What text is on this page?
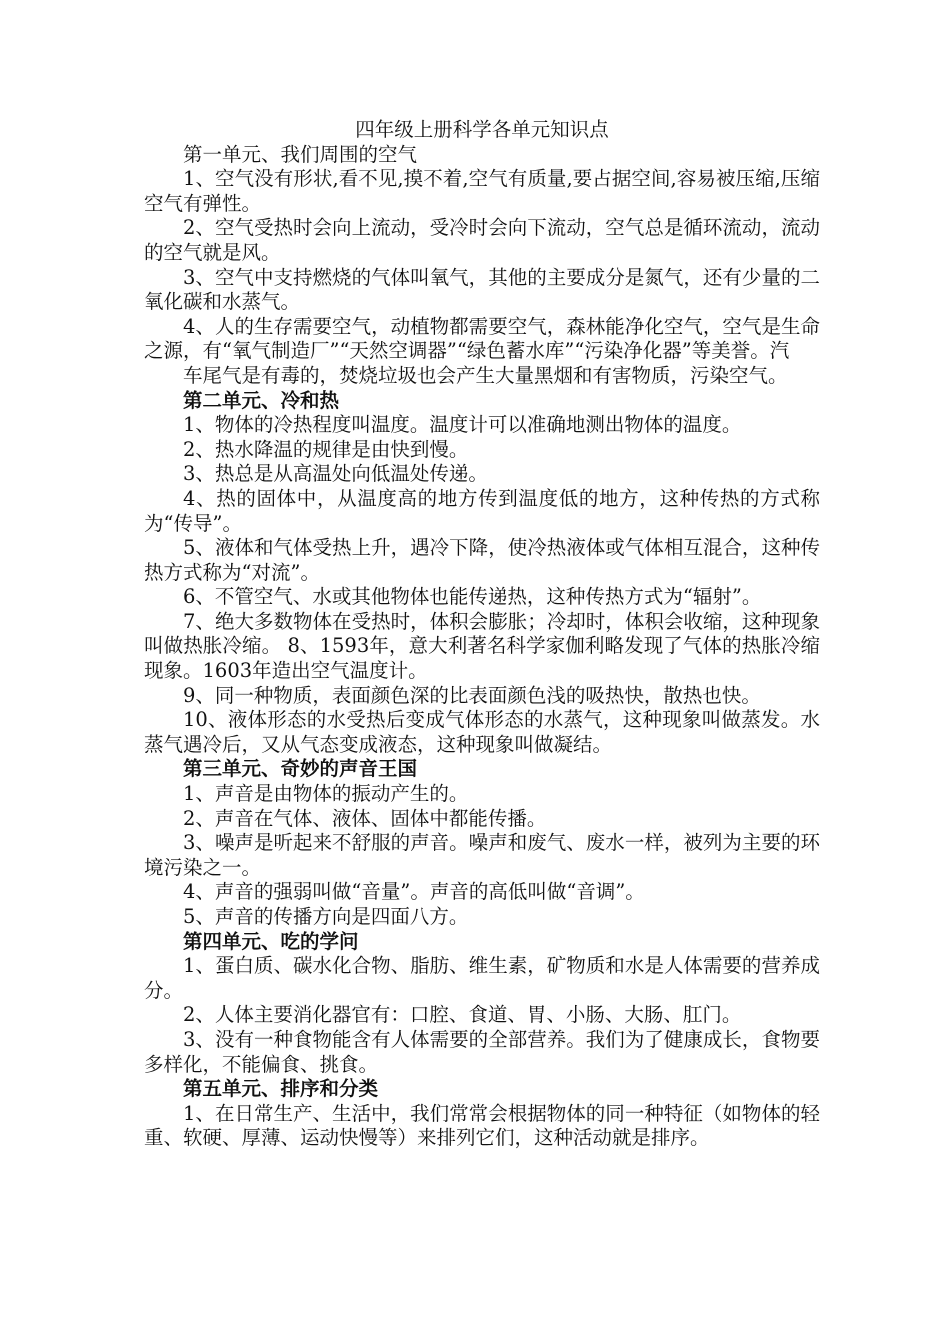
四年级上册科学各单元知识点

第一单元、我们周围的空气

1、空气没有形状,看不见,摸不着,空气有质量,要占据空间,容易被压缩,压缩空气有弹性。

2、空气受热时会向上流动，受冷时会向下流动，空气总是循环流动，流动的空气就是风。

3、空气中支持燃烧的气体叫氧气，其他的主要成分是氮气，还有少量的二氧化碳和水蒸气。

4、人的生存需要空气，动植物都需要空气，森林能净化空气，空气是生命之源，有“氧气制造厂”“天然空调器”“绿色蓄水库”“污染净化器”等美誉。汽

车尾气是有毒的，焚烧垃圾也会产生大量黑烟和有害物质，污染空气。

第二单元、冷和热

1、物体的冷热程度叫温度。温度计可以准确地测出物体的温度。

2、热水降温的规律是由快到慢。

3、热总是从高温处向低温处传递。

4、热的固体中，从温度高的地方传到温度低的地方，这种传热的方式称为“传导”。

5、液体和气体受热上升，遇冷下降，使冷热液体或气体相互混合，这种传热方式称为“对流”。

6、不管空气、水或其他物体也能传递热，这种传热方式为“辐射”。

7、绝大多数物体在受热时，体积会膨胀；冷却时，体积会收缩，这种现象叫做热胀冷缩。 8、1593年，意大利著名科学家伽利略发现了气体的热胀冷缩现象。1603年造出空气温度计。

9、同一种物质，表面颜色深的比表面颜色浅的吸热快，散热也快。

10、液体形态的水受热后变成气体形态的水蒸气，这种现象叫做蒸发。水蒸气遇冷后，又从气态变成液态，这种现象叫做凝结。

第三单元、奇妙的声音王国

1、声音是由物体的振动产生的。

2、声音在气体、液体、固体中都能传播。

3、噪声是听起来不舒服的声音。噪声和废气、废水一样，被列为主要的环境污染之一。

4、声音的强弱叫做“音量”。声音的高低叫做“音调”。

5、声音的传播方向是四面八方。

第四单元、吃的学问

1、蛋白质、碳水化合物、脂肪、维生素，矿物质和水是人体需要的营养成分。

2、人体主要消化器官有：口腔、食道、胃、小肠、大肠、肛门。

3、没有一种食物能含有人体需要的全部营养。我们为了健康成长，食物要多样化，不能偏食、挑食。

第五单元、排序和分类

1、在日常生产、生活中，我们常常会根据物体的同一种特征（如物体的轻重、软硬、厚薄、运动快慢等）来排列它们，这种活动就是排序。
